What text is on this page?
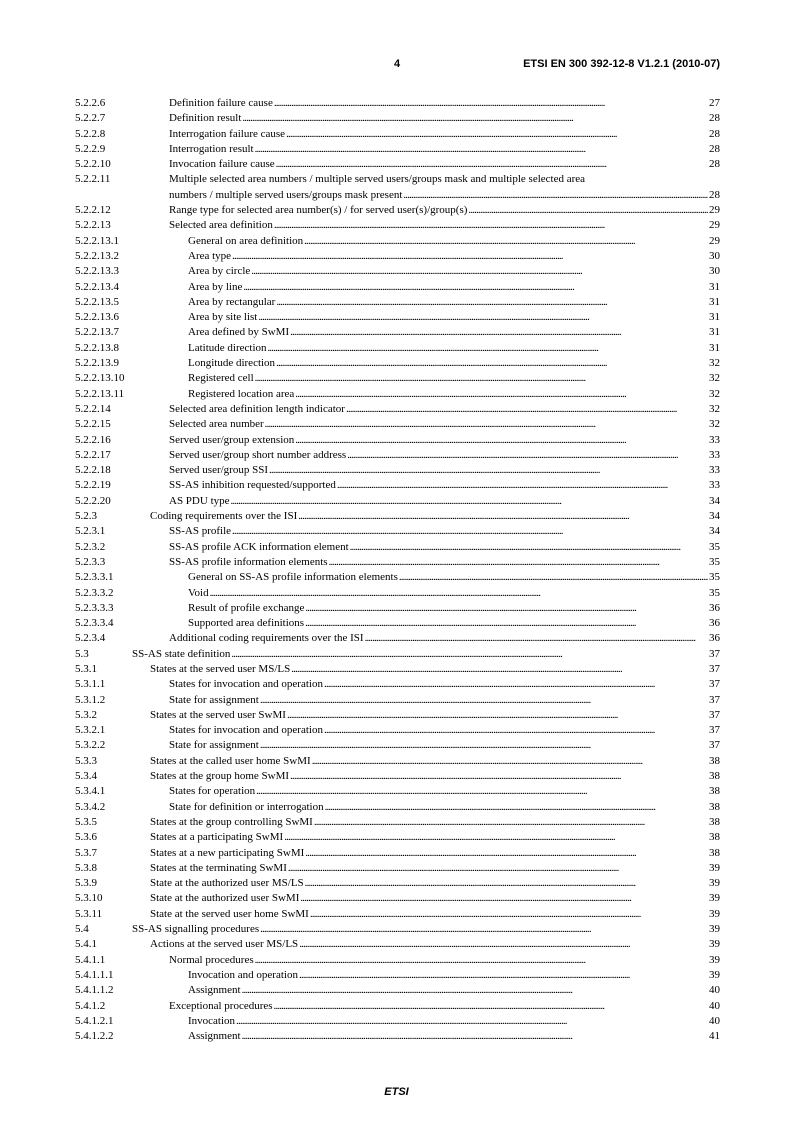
4	ETSI EN 300 392-12-8 V1.2.1 (2010-07)
5.2.2.6	Definition failure cause . . .	27
5.2.2.7	Definition result . . .	28
5.2.2.8	Interrogation failure cause . . .	28
5.2.2.9	Interrogation result . . .	28
5.2.2.10	Invocation failure cause . . .	28
5.2.2.11	Multiple selected area numbers / multiple served users/groups mask and multiple selected area
numbers / multiple served users/groups mask present . . .	28
5.2.2.12	Range type for selected area number(s) / for served user(s)/group(s) . . .	29
5.2.2.13	Selected area definition . . .	29
5.2.2.13.1	General on area definition . . .	29
5.2.2.13.2	Area type . . .	30
5.2.2.13.3	Area by circle . . .	30
5.2.2.13.4	Area by line . . .	31
5.2.2.13.5	Area by rectangular . . .	31
5.2.2.13.6	Area by site list . . .	31
5.2.2.13.7	Area defined by SwMI . . .	31
5.2.2.13.8	Latitude direction . . .	31
5.2.2.13.9	Longitude direction . . .	32
5.2.2.13.10	Registered cell . . .	32
5.2.2.13.11	Registered location area . . .	32
5.2.2.14	Selected area definition length indicator . . .	32
5.2.2.15	Selected area number . . .	32
5.2.2.16	Served user/group extension . . .	33
5.2.2.17	Served user/group short number address . . .	33
5.2.2.18	Served user/group SSI . . .	33
5.2.2.19	SS-AS inhibition requested/supported . . .	33
5.2.2.20	AS PDU type . . .	34
5.2.3	Coding requirements over the ISI . . .	34
5.2.3.1	SS-AS profile . . .	34
5.2.3.2	SS-AS profile ACK information element . . .	35
5.2.3.3	SS-AS profile information elements . . .	35
5.2.3.3.1	General on SS-AS profile information elements . . .	35
5.2.3.3.2	Void . . .	35
5.2.3.3.3	Result of profile exchange . . .	36
5.2.3.3.4	Supported area definitions . . .	36
5.2.3.4	Additional coding requirements over the ISI . . .	36
5.3	SS-AS state definition . . .	37
5.3.1	States at the served user MS/LS . . .	37
5.3.1.1	States for invocation and operation . . .	37
5.3.1.2	State for assignment . . .	37
5.3.2	States at the served user SwMI . . .	37
5.3.2.1	States for invocation and operation . . .	37
5.3.2.2	State for assignment . . .	37
5.3.3	States at the called user home SwMI . . .	38
5.3.4	States at the group home SwMI . . .	38
5.3.4.1	States for operation . . .	38
5.3.4.2	State for definition or interrogation . . .	38
5.3.5	States at the group controlling SwMI . . .	38
5.3.6	States at a participating SwMI . . .	38
5.3.7	States at a new participating SwMI . . .	38
5.3.8	States at the terminating SwMI . . .	39
5.3.9	State at the authorized user MS/LS . . .	39
5.3.10	State at the authorized user SwMI . . .	39
5.3.11	State at the served user home SwMI . . .	39
5.4	SS-AS signalling procedures . . .	39
5.4.1	Actions at the served user MS/LS . . .	39
5.4.1.1	Normal procedures . . .	39
5.4.1.1.1	Invocation and operation . . .	39
5.4.1.1.2	Assignment . . .	40
5.4.1.2	Exceptional procedures . . .	40
5.4.1.2.1	Invocation . . .	40
5.4.1.2.2	Assignment . . .	41
ETSI
